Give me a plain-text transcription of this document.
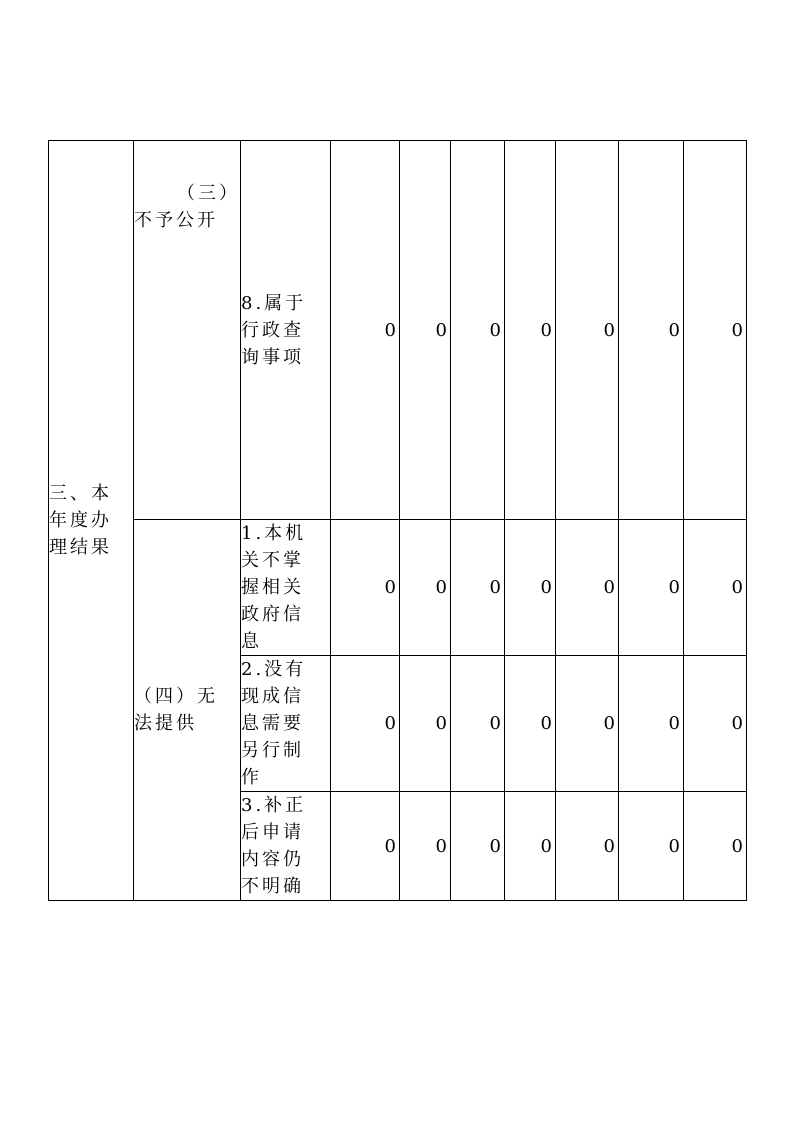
三、本
年度办
理结果	（三）
不予公开	8.属于
行政查
询事项	0	0	0	0	0	0	0

	（四）无
法提供	1.本机
关不掌
握相关
政府信
息	0	0	0	0	0	0	0

		2.没有
现成信
息需要
另行制
作	0	0	0	0	0	0	0

		3.补正
后申请
内容仍
不明确	0	0	0	0	0	0	0
